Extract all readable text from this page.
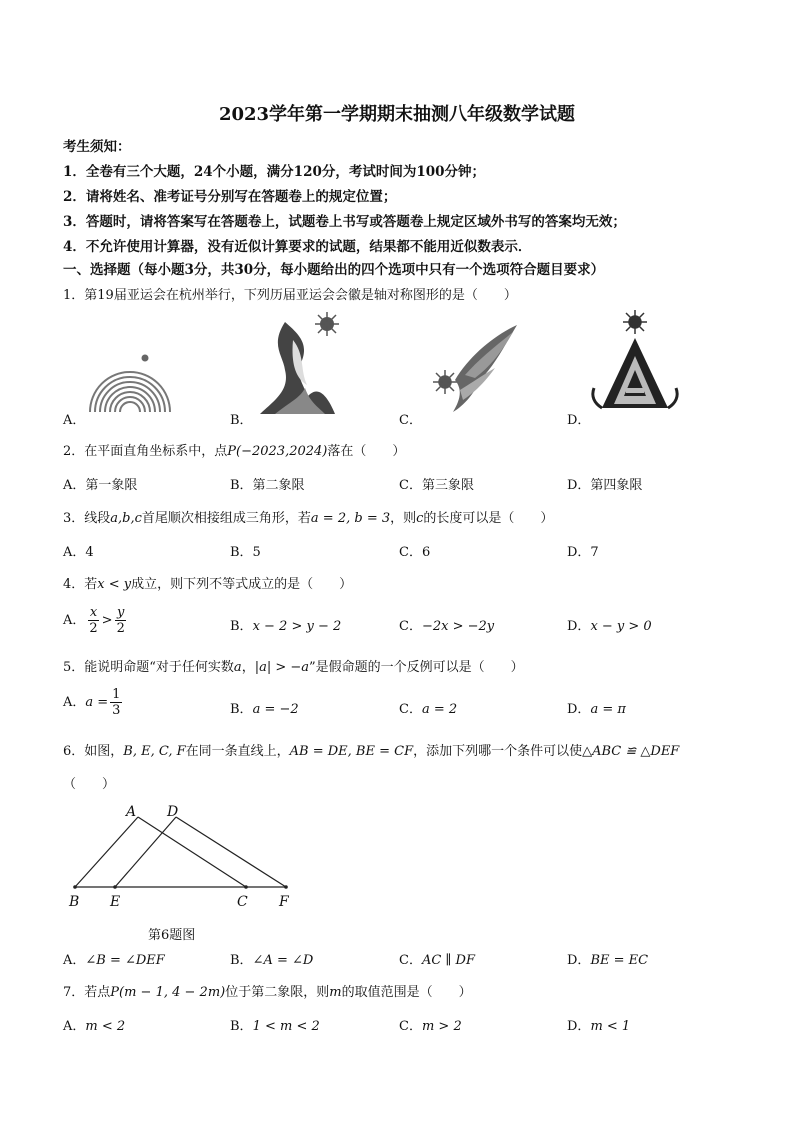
2023学年第一学期期末抽测八年级数学试题
考生须知：
1．全卷有三个大题，24个小题，满分120分，考试时间为100分钟；
2．请将姓名、准考证号分别写在答题卷上的规定位置；
3．答题时，请将答案写在答题卷上，试题卷上书写或答题卷上规定区域外书写的答案均无效；
4．不允许使用计算器，没有近似计算要求的试题，结果都不能用近似数表示．
一、选择题（每小题3分，共30分，每小题给出的四个选项中只有一个选项符合题目要求）
1．第19届亚运会在杭州举行，下列历届亚运会会徽是轴对称图形的是（　　）
A．	B．	C．	D．
2．在平面直角坐标系中，点P(−2023,2024)落在（　　）
A．第一象限	B．第二象限	C．第三象限	D．第四象限
3．线段a,b,c首尾顺次相接组成三角形，若a = 2, b = 3，则c的长度可以是（　　）
A．4	B．5	C．6	D．7
4．若x < y成立，则下列不等式成立的是（　　）
A． $\frac{x}{2} > \frac{y}{2}$	B．x − 2 > y − 2	C．−2x > −2y	D．x − y > 0
5．能说明命题“对于任何实数a，|a| > −a”是假命题的一个反例可以是（　　）
A．$a = \frac{1}{3}$	B．a = −2	C．a = 2	D．a = π
6．如图，B, E, C, F在同一条直线上，AB = DE, BE = CF，添加下列哪一个条件可以使△ABC ≌ △DEF
（　　）
A D
B E	C F
第6题图
A．∠B = ∠DEF	B．∠A = ∠D	C．AC ∥ DF	D．BE = EC
7．若点P(m − 1, 4 − 2m)位于第二象限，则m的取值范围是（　　）
A．m < 2	B．1 < m < 2	C．m > 2	D．m < 1
